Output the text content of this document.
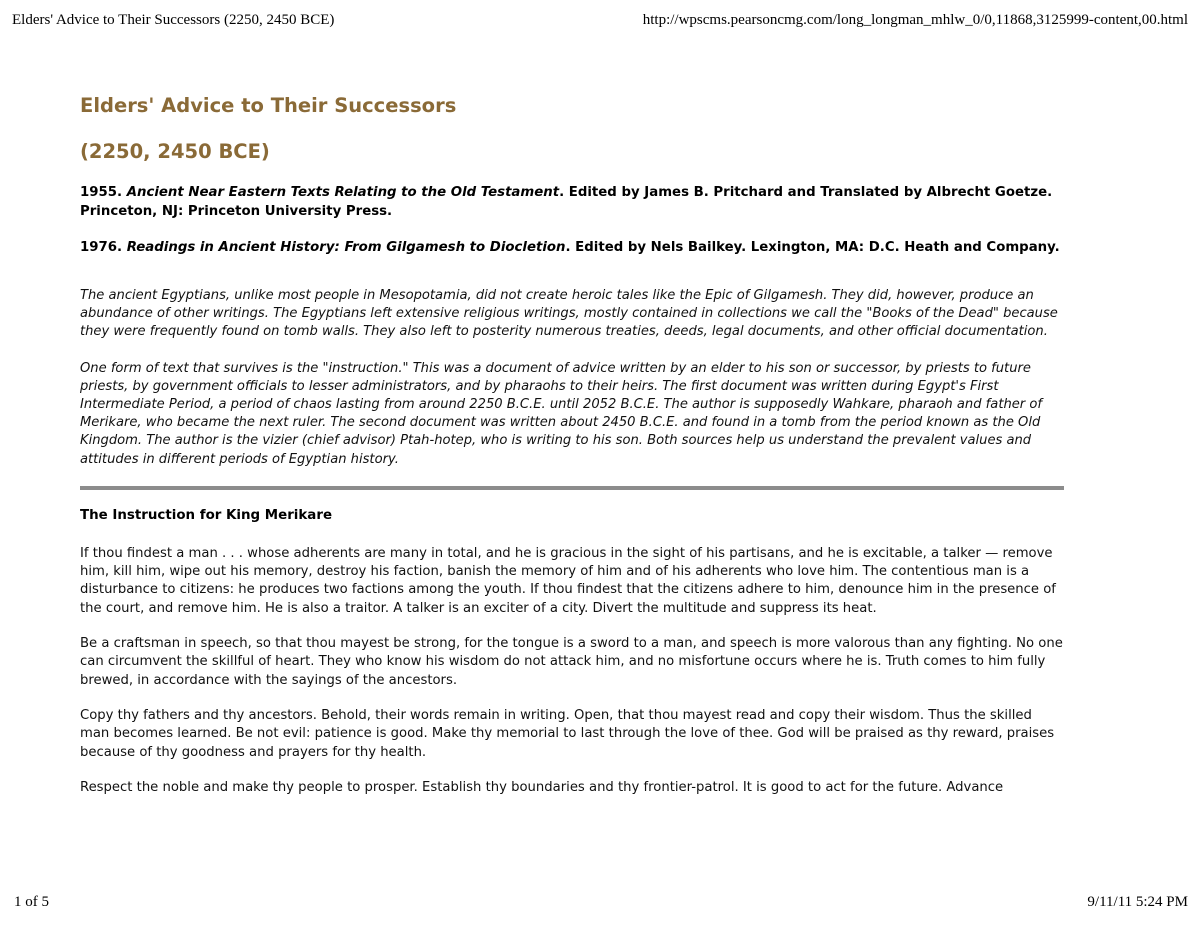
Elders' Advice to Their Successors (2250, 2450 BCE)	http://wpscms.pearsoncmg.com/long_longman_mhlw_0/0,11868,3125999-content,00.html
Elders' Advice to Their Successors
(2250, 2450 BCE)

1955. Ancient Near Eastern Texts Relating to the Old Testament. Edited by James B. Pritchard and Translated by Albrecht Goetze. Princeton, NJ: Princeton University Press.

1976. Readings in Ancient History: From Gilgamesh to Diocletion. Edited by Nels Bailkey. Lexington, MA: D.C. Heath and Company.

The ancient Egyptians, unlike most people in Mesopotamia, did not create heroic tales like the Epic of Gilgamesh. They did, however, produce an abundance of other writings. The Egyptians left extensive religious writings, mostly contained in collections we call the "Books of the Dead" because they were frequently found on tomb walls. They also left to posterity numerous treaties, deeds, legal documents, and other official documentation.

One form of text that survives is the "instruction." This was a document of advice written by an elder to his son or successor, by priests to future priests, by government officials to lesser administrators, and by pharaohs to their heirs. The first document was written during Egypt's First Intermediate Period, a period of chaos lasting from around 2250 B.C.E. until 2052 B.C.E. The author is supposedly Wahkare, pharaoh and father of Merikare, who became the next ruler. The second document was written about 2450 B.C.E. and found in a tomb from the period known as the Old Kingdom. The author is the vizier (chief advisor) Ptah-hotep, who is writing to his son. Both sources help us understand the prevalent values and attitudes in different periods of Egyptian history.

The Instruction for King Merikare

If thou findest a man . . . whose adherents are many in total, and he is gracious in the sight of his partisans, and he is excitable, a talker — remove him, kill him, wipe out his memory, destroy his faction, banish the memory of him and of his adherents who love him. The contentious man is a disturbance to citizens: he produces two factions among the youth. If thou findest that the citizens adhere to him, denounce him in the presence of the court, and remove him. He is also a traitor. A talker is an exciter of a city. Divert the multitude and suppress its heat.

Be a craftsman in speech, so that thou mayest be strong, for the tongue is a sword to a man, and speech is more valorous than any fighting. No one can circumvent the skillful of heart. They who know his wisdom do not attack him, and no misfortune occurs where he is. Truth comes to him fully brewed, in accordance with the sayings of the ancestors.

Copy thy fathers and thy ancestors. Behold, their words remain in writing. Open, that thou mayest read and copy their wisdom. Thus the skilled man becomes learned. Be not evil: patience is good. Make thy memorial to last through the love of thee. God will be praised as thy reward, praises because of thy goodness and prayers for thy health.

Respect the noble and make thy people to prosper. Establish thy boundaries and thy frontier-patrol. It is good to act for the future. Advance

1 of 5	9/11/11 5:24 PM
